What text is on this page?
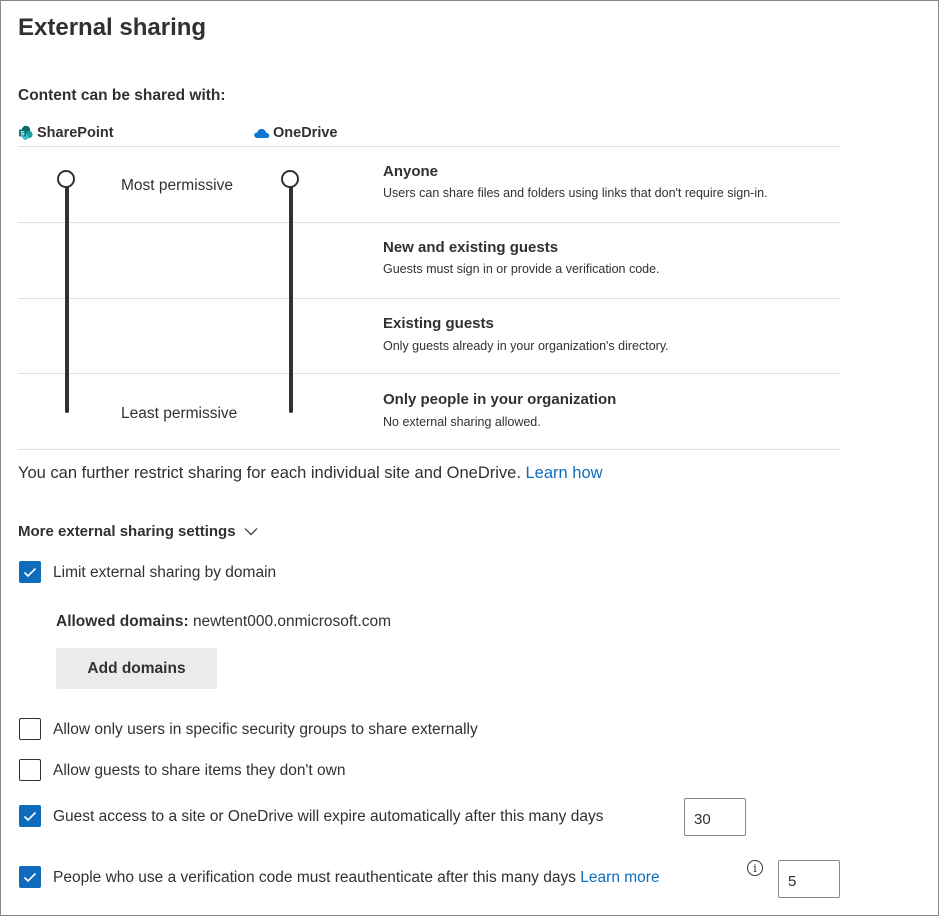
External sharing
Content can be shared with:
S SharePoint	OneDrive
Most permissive
Least permissive
Anyone
Users can share files and folders using links that don't require sign-in.
New and existing guests
Guests must sign in or provide a verification code.
Existing guests
Only guests already in your organization's directory.
Only people in your organization
No external sharing allowed.
You can further restrict sharing for each individual site and OneDrive. Learn how
More external sharing settings
Limit external sharing by domain
Allowed domains: newtent000.onmicrosoft.com
Add domains
Allow only users in specific security groups to share externally
Allow guests to share items they don't own
Guest access to a site or OneDrive will expire automatically after this many days
30
People who use a verification code must reauthenticate after this many days Learn more
i
5
